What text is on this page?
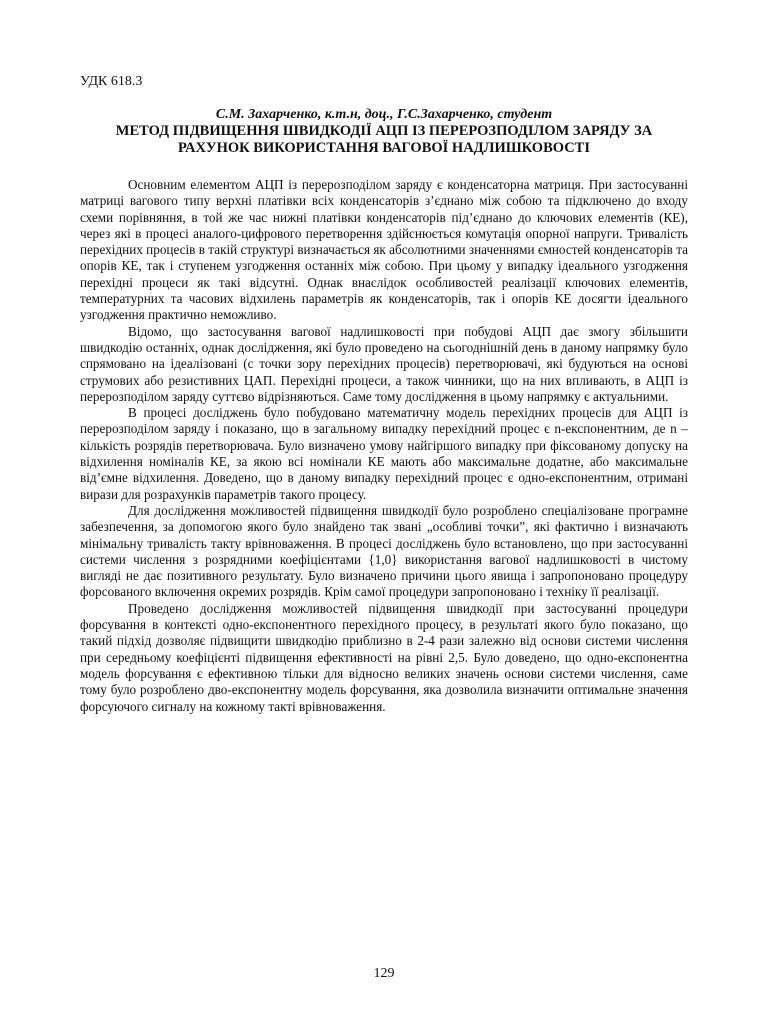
УДК 618.3
С.М. Захарченко, к.т.н, доц., Г.С.Захарченко, студент
МЕТОД ПІДВИЩЕННЯ ШВИДКОДІЇ АЦП ІЗ ПЕРЕРОЗПОДІЛОМ ЗАРЯДУ ЗА РАХУНОК ВИКОРИСТАННЯ ВАГОВОЇ НАДЛИШКОВОСТІ

Основним елементом АЦП із перерозподілом заряду є конденсаторна матриця. При застосуванні матриці вагового типу верхні платівки всіх конденсаторів з’єднано між собою та підключено до входу схеми порівняння, в той же час нижні платівки конденсаторів під’єднано до ключових елементів (КЕ), через які в процесі аналого-цифрового перетворення здійснюється комутація опорної напруги. Тривалість перехідних процесів в такій структурі визначається як абсолютними значеннями ємностей конденсаторів та опорів КЕ, так і ступенем узгодження останніх між собою. При цьому у випадку ідеального узгодження перехідні процеси як такі відсутні. Однак внаслідок особливостей реалізації ключових елементів, температурних та часових відхилень параметрів як конденсаторів, так і опорів КЕ досягти ідеального узгодження практично неможливо.

Відомо, що застосування вагової надлишковості при побудові АЦП дає змогу збільшити швидкодію останніх, однак дослідження, які було проведено на сьогоднішній день в даному напрямку було спрямовано на ідеалізовані (с точки зору перехідних процесів) перетворювачі, які будуються на основі струмових або резистивних ЦАП. Перехідні процеси, а також чинники, що на них впливають, в АЦП із перерозподілом заряду суттєво відрізняються. Саме тому дослідження в цьому напрямку є актуальними.

В процесі досліджень було побудовано математичну модель перехідних процесів для АЦП із перерозподілом заряду і показано, що в загальному випадку перехідний процес є n-експонентним, де n – кількість розрядів перетворювача. Було визначено умову найгіршого випадку при фіксованому допуску на відхилення номіналів КЕ, за якою всі номінали КЕ мають або максимальне додатне, або максимальне від’ємне відхилення. Доведено, що в даному випадку перехідний процес є одно-експонентним, отримані вирази для розрахунків параметрів такого процесу.

Для дослідження можливостей підвищення швидкодії було розроблено спеціалізоване програмне забезпечення, за допомогою якого було знайдено так звані „особливі точки”, які фактично і визначають мінімальну тривалість такту врівноваження. В процесі досліджень було встановлено, що при застосуванні системи числення з розрядними коефіцієнтами {1,0} використання вагової надлишковості в чистому вигляді не дає позитивного результату. Було визначено причини цього явища і запропоновано процедуру форсованого включення окремих розрядів. Крім самої процедури запропоновано і техніку її реалізації.

Проведено дослідження можливостей підвищення швидкодії при застосуванні процедури форсування в контексті одно-експонентного перехідного процесу, в результаті якого було показано, що такий підхід дозволяє підвищити швидкодію приблизно в 2-4 рази залежно від основи системи числення при середньому коефіцієнті підвищення ефективності на рівні 2,5. Було доведено, що одно-експонентна модель форсування є ефективною тільки для відносно великих значень основи системи числення, саме тому було розроблено дво-експонентну модель форсування, яка дозволила визначити оптимальне значення форсуючого сигналу на кожному такті врівноваження.

129
